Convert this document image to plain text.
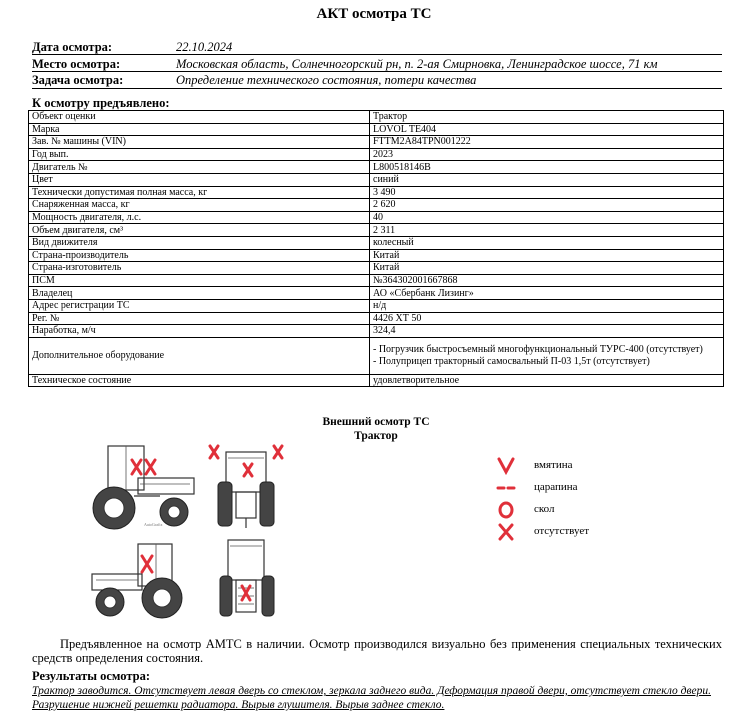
АКТ осмотра ТС
Дата осмотра:	22.10.2024
Место осмотра:	Московская область, Солнечногорский рн, п. 2-ая Смирновка, Ленинградское шоссе, 71 км
Задача осмотра:	Определение технического состояния, потери качества
К осмотру предъявлено:
Объект оценки	Трактор
Марка	LOVOL TE404
Зав. № машины (VIN)	FTTM2A84TPN001222
Год вып.	2023
Двигатель №	L800518146B
Цвет	синий
Технически допустимая полная масса, кг	3 490
Снаряженная масса, кг	2 620
Мощность двигателя, л.с.	40
Объем двигателя, см³	2 311
Вид движителя	колесный
Страна-производитель	Китай
Страна-изготовитель	Китай
ПСМ	№364302001667868
Владелец	АО «Сбербанк Лизинг»
Адрес регистрации ТС	н/д
Рег. №	4426 ХТ 50
Наработка, м/ч	324,4
Дополнительное оборудование	- Погрузчик быстросъемный многофункциональный ТУРС-400 (отсутствует)
- Полуприцеп тракторный самосвальный П-03 1,5т (отсутствует)

Техническое состояние	удовлетворительное
Внешний осмотр ТС
Трактор
AutoGrafix
вмятина
царапина
скол
отсутствует
Предъявленное на осмотр АМТС в наличии. Осмотр производился визуально без применения специальных технических средств определения состояния.
Результаты осмотра:
Трактор заводится. Отсутствует левая дверь со стеклом, зеркала заднего вида. Деформация правой двери, отсутствует стекло двери. Разрушение нижней решетки радиатора. Вырыв глушителя. Вырыв заднее стекло.
